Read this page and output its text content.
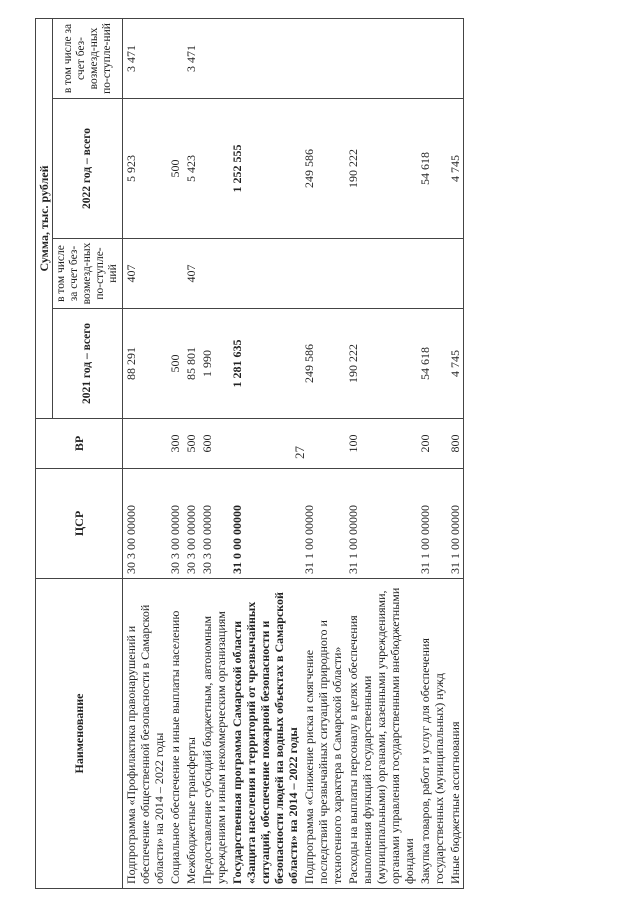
27
Наименование	ЦСР	ВР	Сумма, тыс. рублей			
			2021 год – всего	в том числе за счет без-возмезд-ных по-ступле-ний	2022 год – всего	в том числе за счет без-возмезд-ных по-ступле-ний
Подпрограмма «Профилактика правонарушений и обеспечение общественной безопасности в Самарской области» на 2014 – 2022 годы	30 3 00 00000		88 291	407	5 923	3 471
Социальное обеспечение и иные выплаты населению	30 3 00 00000	300	500		500	
Межбюджетные трансферты	30 3 00 00000	500	85 801	407	5 423	3 471
Предоставление субсидий бюджетным, автономным учреждениям и иным некоммерческим организациям	30 3 00 00000	600	1 990			
Государственная программа Самарской области «Защита населения и территорий от чрезвычайных ситуаций, обеспечение пожарной безопасности и безопасности людей на водных объектах в Самарской области» на 2014 – 2022 годы	31 0 00 00000		1 281 635		1 252 555	
Подпрограмма «Снижение риска и смягчение последствий чрезвычайных ситуаций природного и техногенного характера в Самарской области»	31 1 00 00000		249 586		249 586	
Расходы на выплаты персоналу в целях обеспечения выполнения функций государственными (муниципальными) органами, казенными учреждениями, органами управления государственными внебюджетными фондами	31 1 00 00000	100	190 222		190 222	
Закупка товаров, работ и услуг для обеспечения государственных (муниципальных) нужд	31 1 00 00000	200	54 618		54 618	
Иные бюджетные ассигнования	31 1 00 00000	800	4 745		4 745	
